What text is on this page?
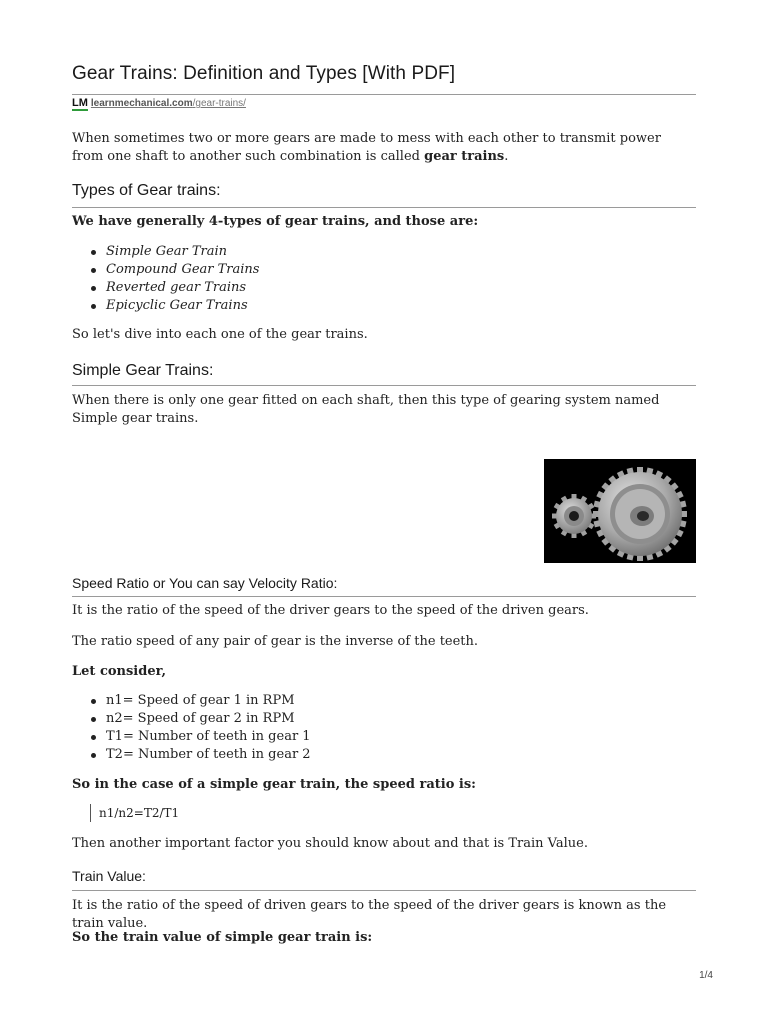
Gear Trains: Definition and Types [With PDF]
LM learnmechanical.com/gear-trains/

When sometimes two or more gears are made to mess with each other to transmit power from one shaft to another such combination is called gear trains.

Types of Gear trains:

We have generally 4-types of gear trains, and those are:

Simple Gear Train
Compound Gear Trains
Reverted gear Trains
Epicyclic Gear Trains

So let's dive into each one of the gear trains.

Simple Gear Trains:

When there is only one gear fitted on each shaft, then this type of gearing system named Simple gear trains.

Speed Ratio or You can say Velocity Ratio:

It is the ratio of the speed of the driver gears to the speed of the driven gears.

The ratio speed of any pair of gear is the inverse of the teeth.

Let consider,

n1= Speed of gear 1 in RPM
n2= Speed of gear 2 in RPM
T1= Number of teeth in gear 1
T2= Number of teeth in gear 2

So in the case of a simple gear train, the speed ratio is:

n1/n2=T2/T1

Then another important factor you should know about and that is Train Value.

Train Value:

It is the ratio of the speed of driven gears to the speed of the driver gears is known as the train value.

So the train value of simple gear train is:

1/4
